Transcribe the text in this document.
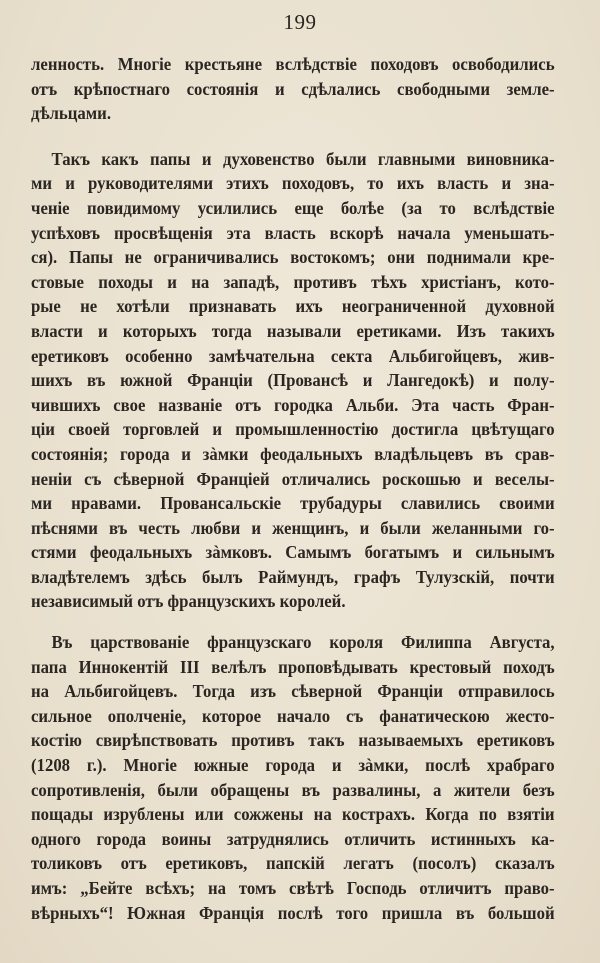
199
ленность. Многіе крестьяне вслѣдствіе походовъ освободились
отъ крѣпостнаго состоянія и сдѣлались свободными земле-
дѣльцами.
Такъ какъ папы и духовенство были главными виновника-
ми и руководителями этихъ походовъ, то ихъ власть и зна-
ченіе повидимому усилились еще болѣе (за то вслѣдствіе
успѣховъ просвѣщенія эта власть вскорѣ начала уменьшать-
ся). Папы не ограничивались востокомъ; они поднимали кре-
стовые походы и на западѣ, противъ тѣхъ христіанъ, кото-
рые не хотѣли признавать ихъ неограниченной духовной
власти и которыхъ тогда называли еретиками. Изъ такихъ
еретиковъ особенно замѣчательна секта Альбигойцевъ, жив-
шихъ въ южной Франціи (Провансѣ и Лангедокѣ) и полу-
чившихъ свое названіе отъ городка Альби. Эта часть Фран-
ціи своей торговлей и промышленностію достигла цвѣтущаго
состоянія; города и зàмки феодальныхъ владѣльцевъ въ срав-
неніи съ сѣверной Франціей отличались роскошью и веселы-
ми нравами. Провансальскіе трубадуры славились своими
пѣснями въ честь любви и женщинъ, и были желанными го-
стями феодальныхъ зàмковъ. Самымъ богатымъ и сильнымъ
владѣтелемъ здѣсь былъ Раймундъ, графъ Тулузскій, почти
независимый отъ французскихъ королей.
Въ царствованіе французскаго короля Филиппа Августа,
папа Иннокентій III велѣлъ проповѣдывать крестовый походъ
на Альбигойцевъ. Тогда изъ сѣверной Франціи отправилось
сильное ополченіе, которое начало съ фанатическою жесто-
костію свирѣпствовать противъ такъ называемыхъ еретиковъ
(1208 г.). Многіе южные города и зàмки, послѣ храбраго
сопротивленія, были обращены въ развалины, а жители безъ
пощады изрублены или сожжены на кострахъ. Когда по взятіи
одного города воины затруднялись отличить истинныхъ ка-
толиковъ отъ еретиковъ, папскій легатъ (посолъ) сказалъ
имъ: „Бейте всѣхъ; на томъ свѣтѣ Господь отличитъ право-
вѣрныхъ“! Южная Франція послѣ того пришла въ большой
